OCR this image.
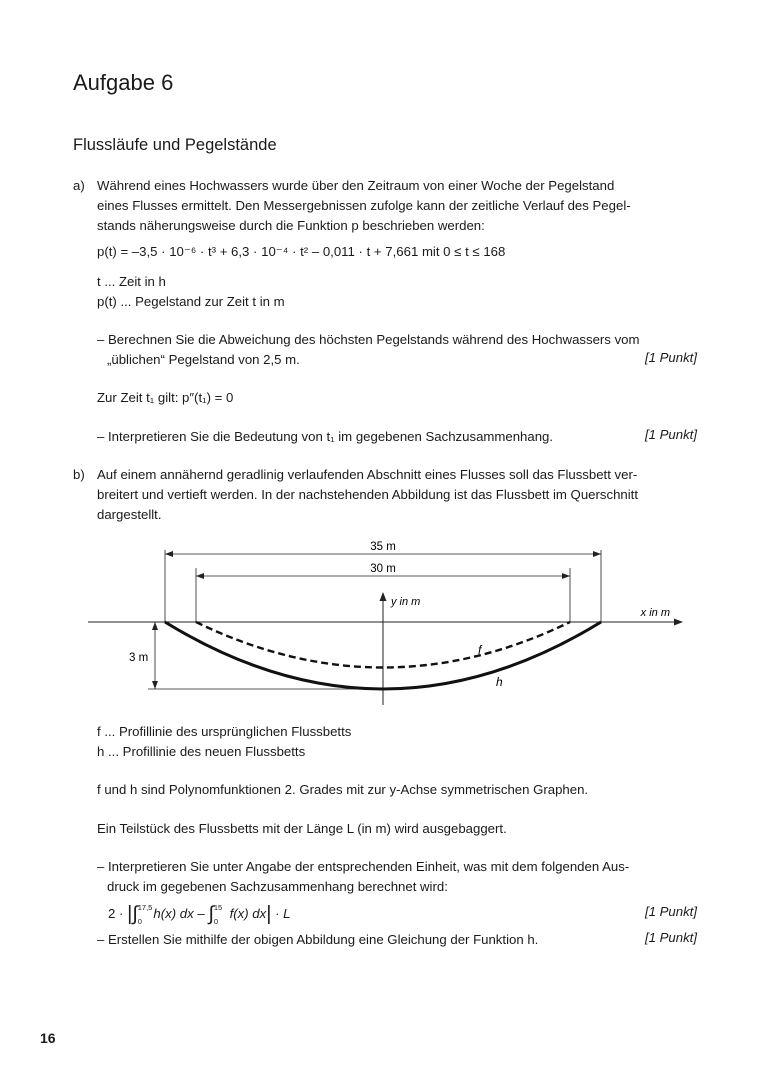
Aufgabe 6
Flussläufe und Pegelstände
a) Während eines Hochwassers wurde über den Zeitraum von einer Woche der Pegelstand
eines Flusses ermittelt. Den Messergebnissen zufolge kann der zeitliche Verlauf des Pegel-
stands näherungsweise durch die Funktion p beschrieben werden:
p(t) = –3,5 · 10⁻⁶ · t³ + 6,3 · 10⁻⁴ · t² – 0,011 · t + 7,661 mit 0 ≤ t ≤ 168
t ... Zeit in h
p(t) ... Pegelstand zur Zeit t in m
– Berechnen Sie die Abweichung des höchsten Pegelstands während des Hochwassers vom
„üblichen“ Pegelstand von 2,5 m.	[1 Punkt]
Zur Zeit t₁ gilt: p″(t₁) = 0
– Interpretieren Sie die Bedeutung von t₁ im gegebenen Sachzusammenhang.	[1 Punkt]
b) Auf einem annähernd geradlinig verlaufenden Abschnitt eines Flusses soll das Flussbett ver-
breitert und vertieft werden. In der nachstehenden Abbildung ist das Flussbett im Querschnitt
dargestellt.
35 m
30 m
x in m
y in m
3 m
f
h
f ... Profillinie des ursprünglichen Flussbetts
h ... Profillinie des neuen Flussbetts
f und h sind Polynomfunktionen 2. Grades mit zur y-Achse symmetrischen Graphen.
Ein Teilstück des Flussbetts mit der Länge L (in m) wird ausgebaggert.
– Interpretieren Sie unter Angabe der entsprechenden Einheit, was mit dem folgenden Aus-
druck im gegebenen Sachzusammenhang berechnet wird:
2 · |∫ 17,5
0
h(x) dx – ∫ 15
0
f(x) dx| · L	[1 Punkt]
– Erstellen Sie mithilfe der obigen Abbildung eine Gleichung der Funktion h.	[1 Punkt]
16
